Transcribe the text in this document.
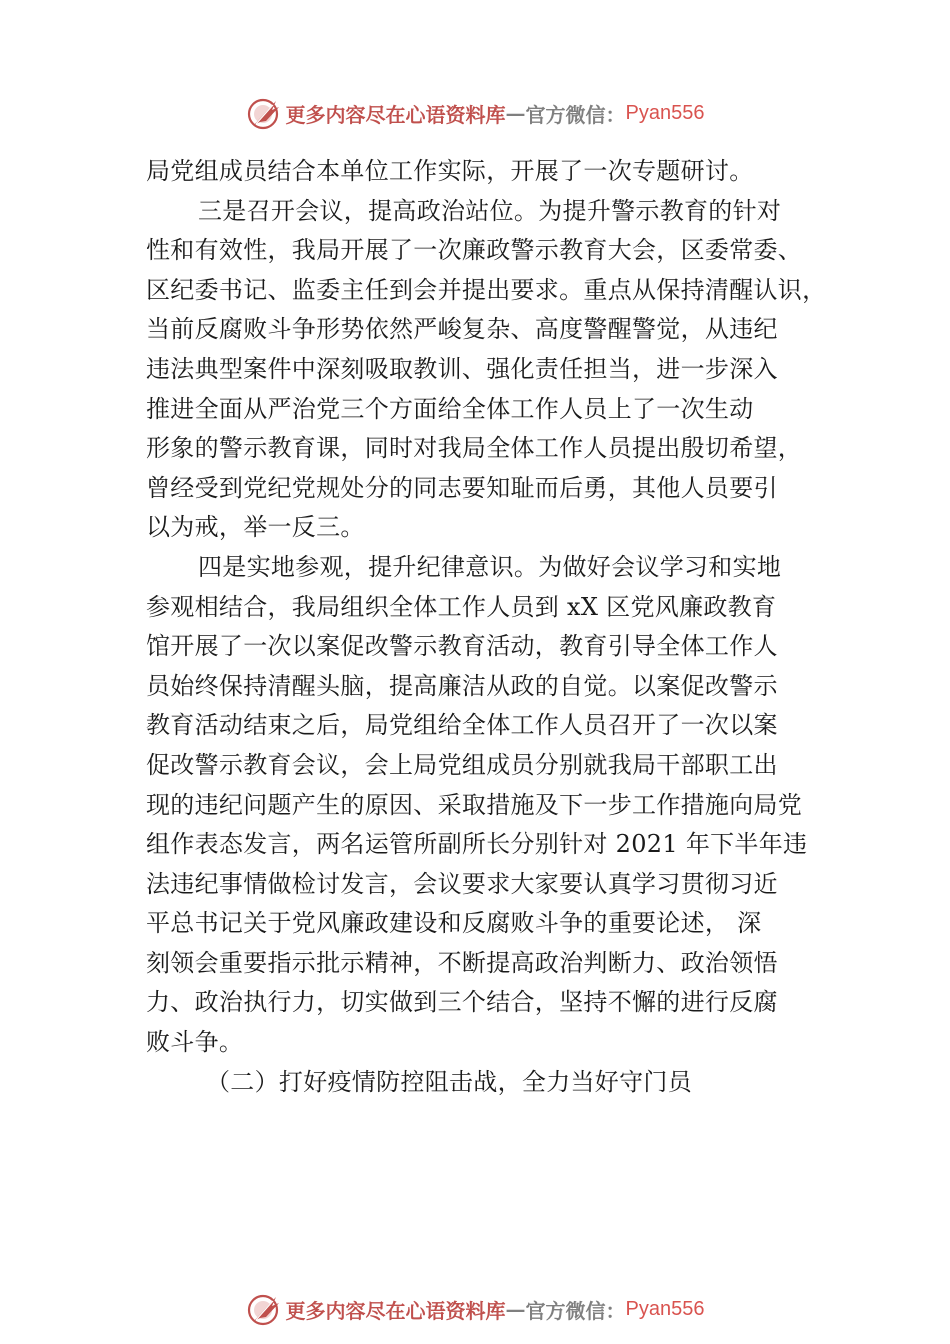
更多内容尽在心语资料库 — 官方微信： Pyan556
局党组成员结合本单位工作实际，开展了一次专题研讨。
三是召开会议，提高政治站位。为提升警示教育的针对
性和有效性，我局开展了一次廉政警示教育大会，区委常委、
区纪委书记、监委主任到会并提出要求。重点从保持清醒认识，
当前反腐败斗争形势依然严峻复杂、高度警醒警觉，从违纪
违法典型案件中深刻吸取教训、强化责任担当，进一步深入
推进全面从严治党三个方面给全体工作人员上了一次生动
形象的警示教育课，同时对我局全体工作人员提出殷切希望，
曾经受到党纪党规处分的同志要知耻而后勇，其他人员要引
以为戒，举一反三。
四是实地参观，提升纪律意识。为做好会议学习和实地
参观相结合，我局组织全体工作人员到 xX 区党风廉政教育
馆开展了一次以案促改警示教育活动，教育引导全体工作人
员始终保持清醒头脑，提高廉洁从政的自觉。以案促改警示
教育活动结束之后，局党组给全体工作人员召开了一次以案
促改警示教育会议，会上局党组成员分别就我局干部职工出
现的违纪问题产生的原因、采取措施及下一步工作措施向局党
组作表态发言，两名运管所副所长分别针对 2021 年下半年违
法违纪事情做检讨发言，会议要求大家要认真学习贯彻习近
平总书记关于党风廉政建设和反腐败斗争的重要论述， 深
刻领会重要指示批示精神，不断提高政治判断力、政治领悟
力、政治执行力，切实做到三个结合，坚持不懈的进行反腐
败斗争。
（二）打好疫情防控阻击战，全力当好守门员
更多内容尽在心语资料库 — 官方微信： Pyan556
